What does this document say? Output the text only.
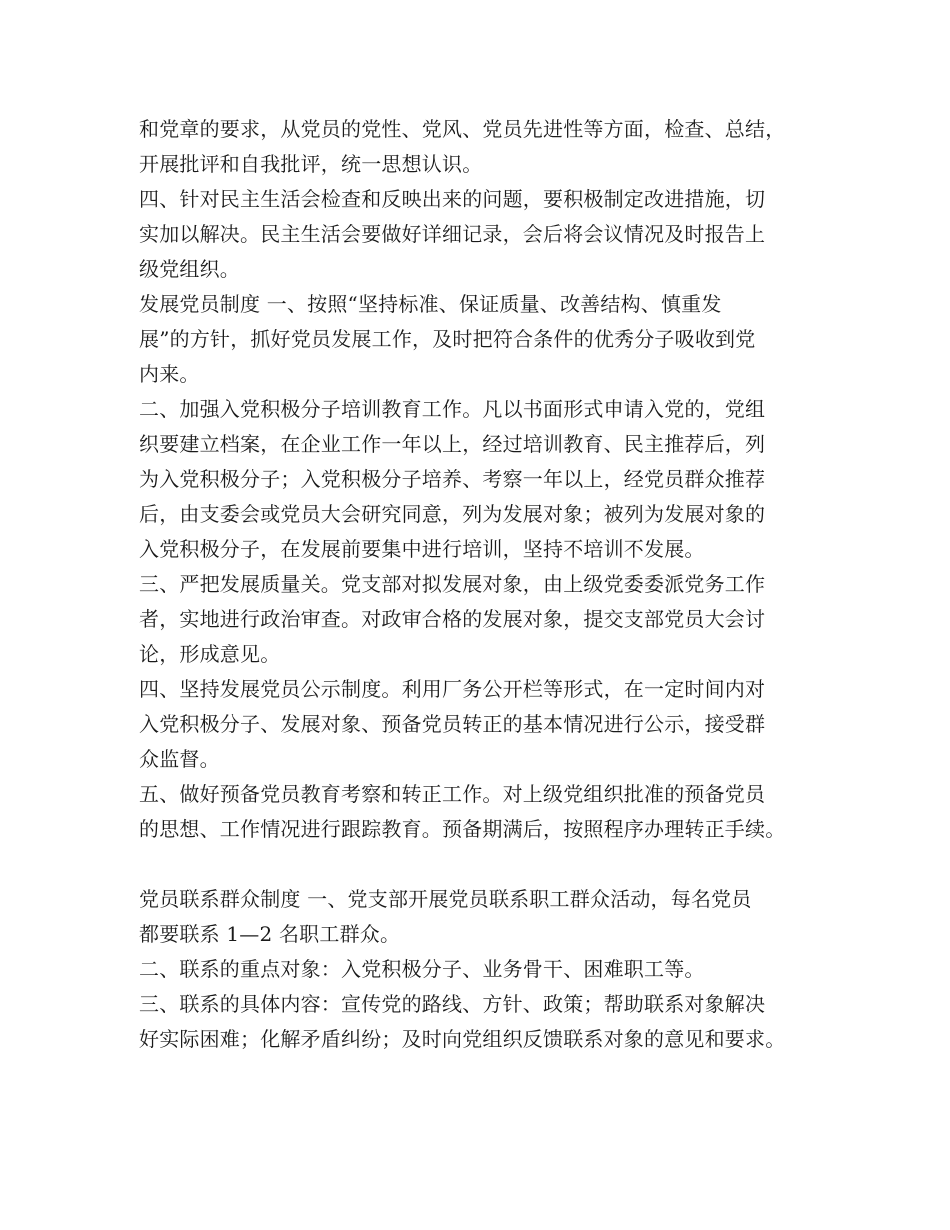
和党章的要求，从党员的党性、党风、党员先进性等方面，检查、总结，
开展批评和自我批评，统一思想认识。
四、针对民主生活会检查和反映出来的问题，要积极制定改进措施，切
实加以解决。民主生活会要做好详细记录，会后将会议情况及时报告上
级党组织。
发展党员制度 一、按照“坚持标准、保证质量、改善结构、慎重发
展”的方针，抓好党员发展工作，及时把符合条件的优秀分子吸收到党
内来。
二、加强入党积极分子培训教育工作。凡以书面形式申请入党的，党组
织要建立档案，在企业工作一年以上，经过培训教育、民主推荐后，列
为入党积极分子；入党积极分子培养、考察一年以上，经党员群众推荐
后，由支委会或党员大会研究同意，列为发展对象；被列为发展对象的
入党积极分子，在发展前要集中进行培训，坚持不培训不发展。
三、严把发展质量关。党支部对拟发展对象，由上级党委委派党务工作
者，实地进行政治审查。对政审合格的发展对象，提交支部党员大会讨
论，形成意见。
四、坚持发展党员公示制度。利用厂务公开栏等形式，在一定时间内对
入党积极分子、发展对象、预备党员转正的基本情况进行公示，接受群
众监督。
五、做好预备党员教育考察和转正工作。对上级党组织批准的预备党员
的思想、工作情况进行跟踪教育。预备期满后，按照程序办理转正手续。
党员联系群众制度 一、党支部开展党员联系职工群众活动，每名党员
都要联系 1—2 名职工群众。
二、联系的重点对象：入党积极分子、业务骨干、困难职工等。
三、联系的具体内容：宣传党的路线、方针、政策；帮助联系对象解决
好实际困难；化解矛盾纠纷；及时向党组织反馈联系对象的意见和要求。
